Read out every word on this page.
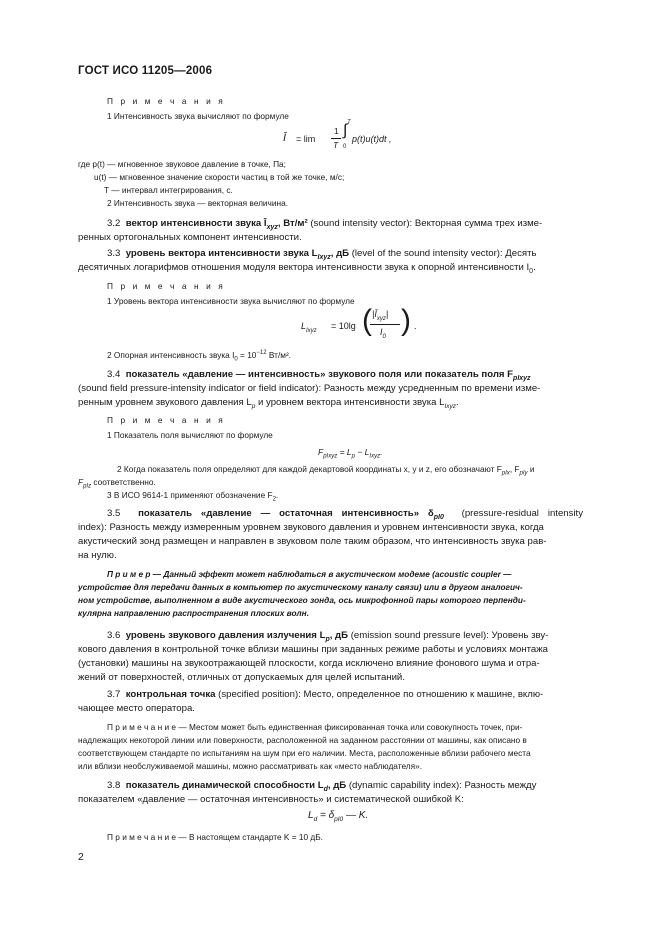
ГОСТ ИСО 11205—2006
П р и м е ч а н и я
1 Интенсивность звука вычисляют по формуле
Ī = lim
1
T
∫ T
0
p(t)u(t)dt ,
где p(t) — мгновенное звуковое давление в точке, Па;
u(t) — мгновенное значение скорости частиц в той же точке, м/с;
T — интервал интегрирования, с.
2 Интенсивность звука — векторная величина.
3.2 вектор интенсивности звука $Ī_{xyz}$, Вт/м² (sound intensity vector): Векторная сумма трех изме-
ренных ортогональных компонент интенсивности.
3.3 уровень вектора интенсивности звука $L_{Ixyz}$, дБ (level of the sound intensity vector): Десять
десятичных логарифмов отношения модуля вектора интенсивности звука к опорной интенсивности $I_0$.
П р и м е ч а н и я
1 Уровень вектора интенсивности звука вычисляют по формуле
$L_{Ixyz} = 10\lg$ ( $|Ī_{xyz}|$
$I_0$ ) .
2 Опорная интенсивность звука $I_0 = 10^{-12}$ Вт/м².
3.4 показатель «давление — интенсивность» звукового поля или показатель поля $F_{pIxyz}$
(sound field pressure-intensity indicator or field indicator): Разность между усредненным по времени изме-
ренным уровнем звукового давления $L_p$ и уровнем вектора интенсивности звука $L_{Ixyz}$.
П р и м е ч а н и я
1 Показатель поля вычисляют по формуле
$F_{pIxyz} = L_p - L_{Ixyz}$.
2 Когда показатель поля определяют для каждой декартовой координаты x, y и z, его обозначают $F_{pIx}$, $F_{pIy}$ и
$F_{pIz}$ соответственно.
3 В ИСО 9614-1 применяют обозначение $F_2$.
3.5 показатель «давление — остаточная интенсивность» $\delta_{pI0}$ (pressure-residual intensity
index): Разность между измеренным уровнем звукового давления и уровнем интенсивности звука, когда
акустический зонд размещен и направлен в звуковом поле таким образом, что интенсивность звука рав-
на нулю.
П р и м е р — Данный эффект может наблюдаться в акустическом модеме (acoustic coupler —
устройстве для передачи данных в компьютер по акустическому каналу связи) или в другом аналогич-
ном устройстве, выполненном в виде акустического зонда, ось микрофонной пары которого перпенди-
кулярна направлению распространения плоских волн.
3.6 уровень звукового давления излучения $L_p$, дБ (emission sound pressure level): Уровень зву-
кового давления в контрольной точке вблизи машины при заданных режиме работы и условиях монтажа
(установки) машины на звукоотражающей плоскости, когда исключено влияние фонового шума и отра-
жений от поверхностей, отличных от допускаемых для целей испытаний.
3.7 контрольная точка (specified position): Место, определенное по отношению к машине, вклю-
чающее место оператора.
П р и м е ч а н и е — Местом может быть единственная фиксированная точка или совокупность точек, при-
надлежащих некоторой линии или поверхности, расположенной на заданном расстоянии от машины, как описано в
соответствующем стандарте по испытаниям на шум при его наличии. Места, расположенные вблизи рабочего места
или вблизи необслуживаемой машины, можно рассматривать как «место наблюдателя».
3.8 показатель динамической способности $L_d$, дБ (dynamic capability index): Разность между
показателем «давление — остаточная интенсивность» и систематической ошибкой K:
$L_d = \delta_{pI0}$ — K.
П р и м е ч а н и е — В настоящем стандарте K = 10 дБ.
2
